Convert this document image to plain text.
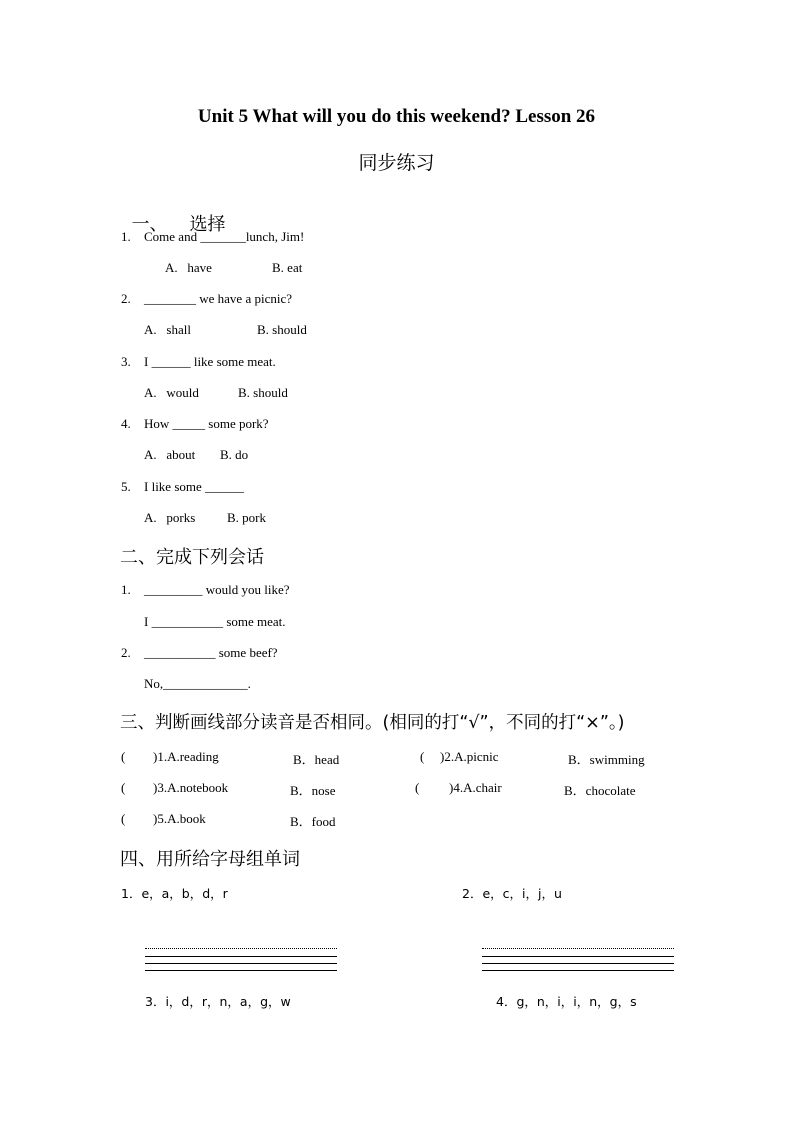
Unit 5 What will you do this weekend? Lesson 26
同步练习

一、 选择

1. Come and _______lunch, Jim!
A.   have	B. eat
2. ________ we have a picnic?
A.   shall	B. should
3. I ______ like some meat.
A.   would	B. should
4. How _____ some pork?
A.   about B. do
5. I like some ______
A.   porks B. pork
二、完成下列会话
1. _________ would you like?
I ___________ some meat.
2. ___________ some beef?
No,_____________.
三、判断画线部分读音是否相同。(相同的打“√”，不同的打“×”。)
( )1.A.reading	B．head	( )2.A.picnic	B．swimming
( )3.A.notebook	B．nose	( )4.A.chair	B．chocolate
( )5.A.book	B．food
四、用所给字母组单词
1．e，a，b，d，r	2．e，c，i，j，u
3．i，d，r，n，a，g，w	4．g，n，i，i，n，g，s
